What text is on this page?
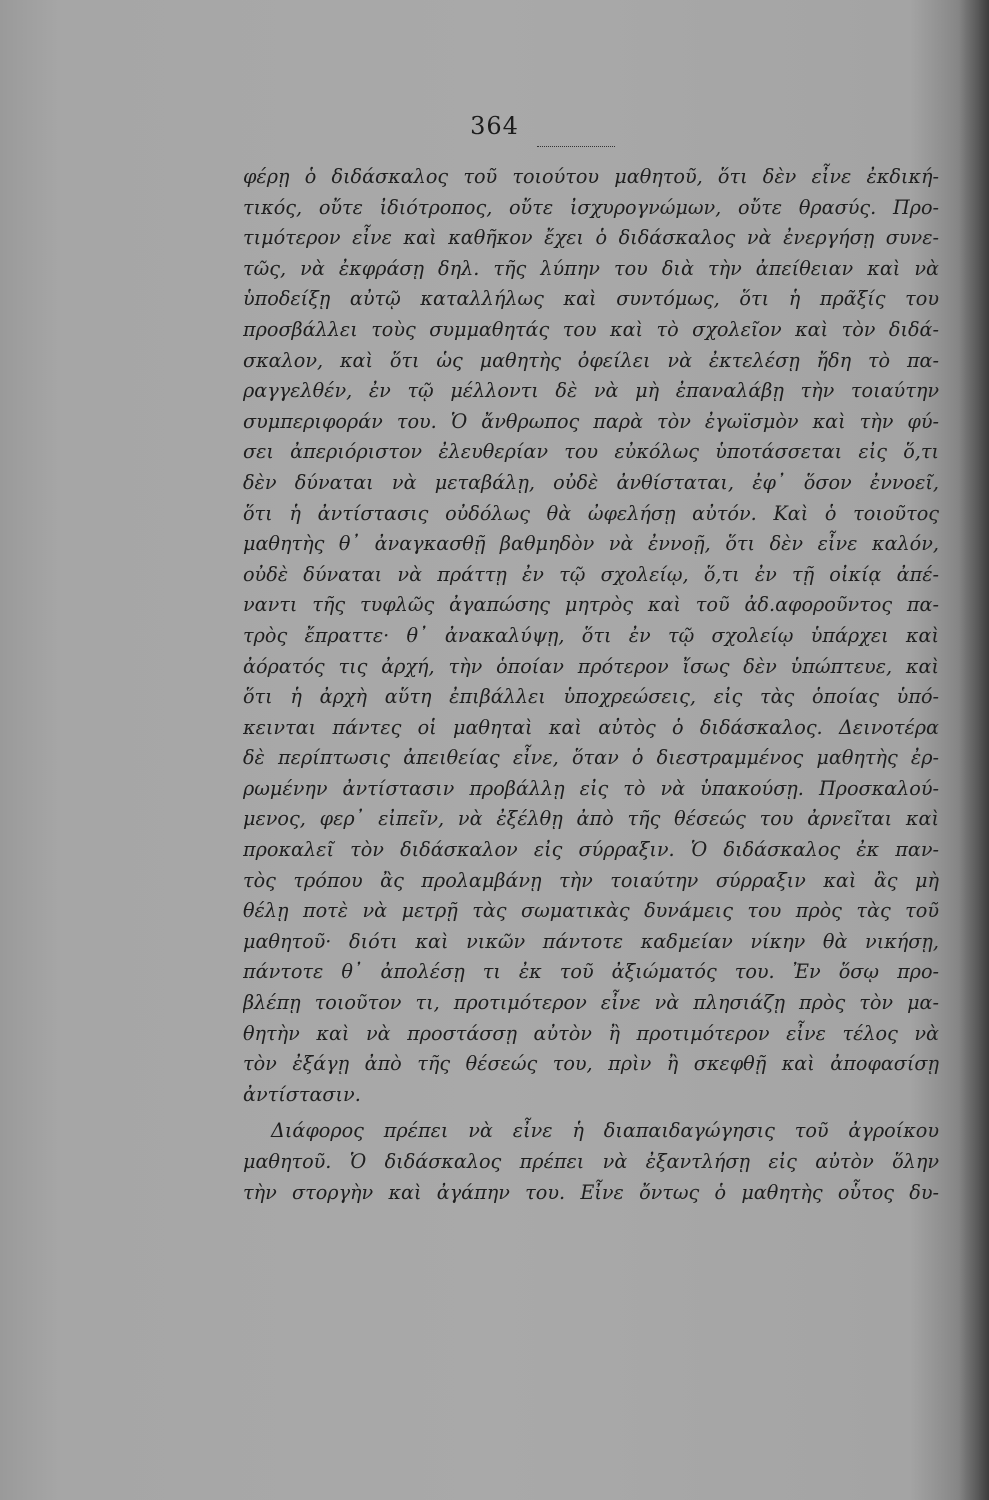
364
φέρῃ ὁ διδάσκαλος τοῦ τοιούτου μαθητοῦ, ὅτι δὲν εἶνε ἐκδική-
τικός, οὔτε ἰδιότροπος, οὔτε ἰσχυρογνώμων, οὔτε θρασύς. Προ-
τιμότερον εἶνε καὶ καθῆκον ἔχει ὁ διδάσκαλος νὰ ἐνεργήσῃ συνε-
τῶς, νὰ ἐκφράσῃ δηλ. τῆς λύπην του διὰ τὴν ἀπείθειαν καὶ νὰ
ὑποδείξῃ αὐτῷ καταλλήλως καὶ συντόμως, ὅτι ἡ πρᾶξίς του
προσβάλλει τοὺς συμμαθητάς του καὶ τὸ σχολεῖον καὶ τὸν διδά-
σκαλον, καὶ ὅτι ὡς μαθητὴς ὀφείλει νὰ ἐκτελέσῃ ἤδη τὸ πα-
ραγγελθέν, ἐν τῷ μέλλοντι δὲ νὰ μὴ ἐπαναλάβῃ τὴν τοιαύτην
συμπεριφοράν του. Ὁ ἄνθρωπος παρὰ τὸν ἐγωϊσμὸν καὶ τὴν φύ-
σει ἀπεριόριστον ἐλευθερίαν του εὐκόλως ὑποτάσσεται εἰς ὅ,τι
δὲν δύναται νὰ μεταβάλῃ, οὐδὲ ἀνθίσταται, ἐφ᾽ ὅσον ἐννοεῖ,
ὅτι ἡ ἀντίστασις οὐδόλως θὰ ὠφελήσῃ αὐτόν. Καὶ ὁ τοιοῦτος
μαθητὴς θ᾽ ἀναγκασθῇ βαθμηδὸν νὰ ἐννοῇ, ὅτι δὲν εἶνε καλόν,
οὐδὲ δύναται νὰ πράττῃ ἐν τῷ σχολείῳ, ὅ,τι ἐν τῇ οἰκίᾳ ἀπέ-
ναντι τῆς τυφλῶς ἀγαπώσης μητρὸς καὶ τοῦ ἀδ.αφοροῦντος πα-
τρὸς ἔπραττε· θ᾽ ἀνακαλύψῃ, ὅτι ἐν τῷ σχολείῳ ὑπάρχει καὶ
ἀόρατός τις ἀρχή, τὴν ὁποίαν πρότερον ἴσως δὲν ὑπώπτευε, καὶ
ὅτι ἡ ἀρχὴ αὕτη ἐπιβάλλει ὑποχρεώσεις, εἰς τὰς ὁποίας ὑπό-
κεινται πάντες οἱ μαθηταὶ καὶ αὐτὸς ὁ διδάσκαλος. Δεινοτέρα
δὲ περίπτωσις ἀπειθείας εἶνε, ὅταν ὁ διεστραμμένος μαθητὴς ἐρ-
ρωμένην ἀντίστασιν προβάλλῃ εἰς τὸ νὰ ὑπακούσῃ. Προσκαλού-
μενος, φερ᾽ εἰπεῖν, νὰ ἐξέλθῃ ἀπὸ τῆς θέσεώς του ἀρνεῖται καὶ
προκαλεῖ τὸν διδάσκαλον εἰς σύρραξιν. Ὁ διδάσκαλος ἐκ παν-
τὸς τρόπου ἂς προλαμβάνῃ τὴν τοιαύτην σύρραξιν καὶ ἂς μὴ
θέλῃ ποτὲ νὰ μετρῇ τὰς σωματικὰς δυνάμεις του πρὸς τὰς τοῦ
μαθητοῦ· διότι καὶ νικῶν πάντοτε καδμείαν νίκην θὰ νικήσῃ,
πάντοτε θ᾽ ἀπολέσῃ τι ἐκ τοῦ ἀξιώματός του. Ἐν ὅσῳ προ-
βλέπῃ τοιοῦτον τι, προτιμότερον εἶνε νὰ πλησιάζῃ πρὸς τὸν μα-
θητὴν καὶ νὰ προστάσσῃ αὐτὸν ἢ προτιμότερον εἶνε τέλος νὰ
τὸν ἐξάγῃ ἀπὸ τῆς θέσεώς του, πρὶν ἢ σκεφθῇ καὶ ἀποφασίσῃ
ἀντίστασιν.
Διάφορος πρέπει νὰ εἶνε ἡ διαπαιδαγώγησις τοῦ ἀγροίκου
μαθητοῦ. Ὁ διδάσκαλος πρέπει νὰ ἐξαντλήσῃ εἰς αὐτὸν ὅλην
τὴν στοργὴν καὶ ἀγάπην του. Εἶνε ὄντως ὁ μαθητὴς οὗτος δυ-
